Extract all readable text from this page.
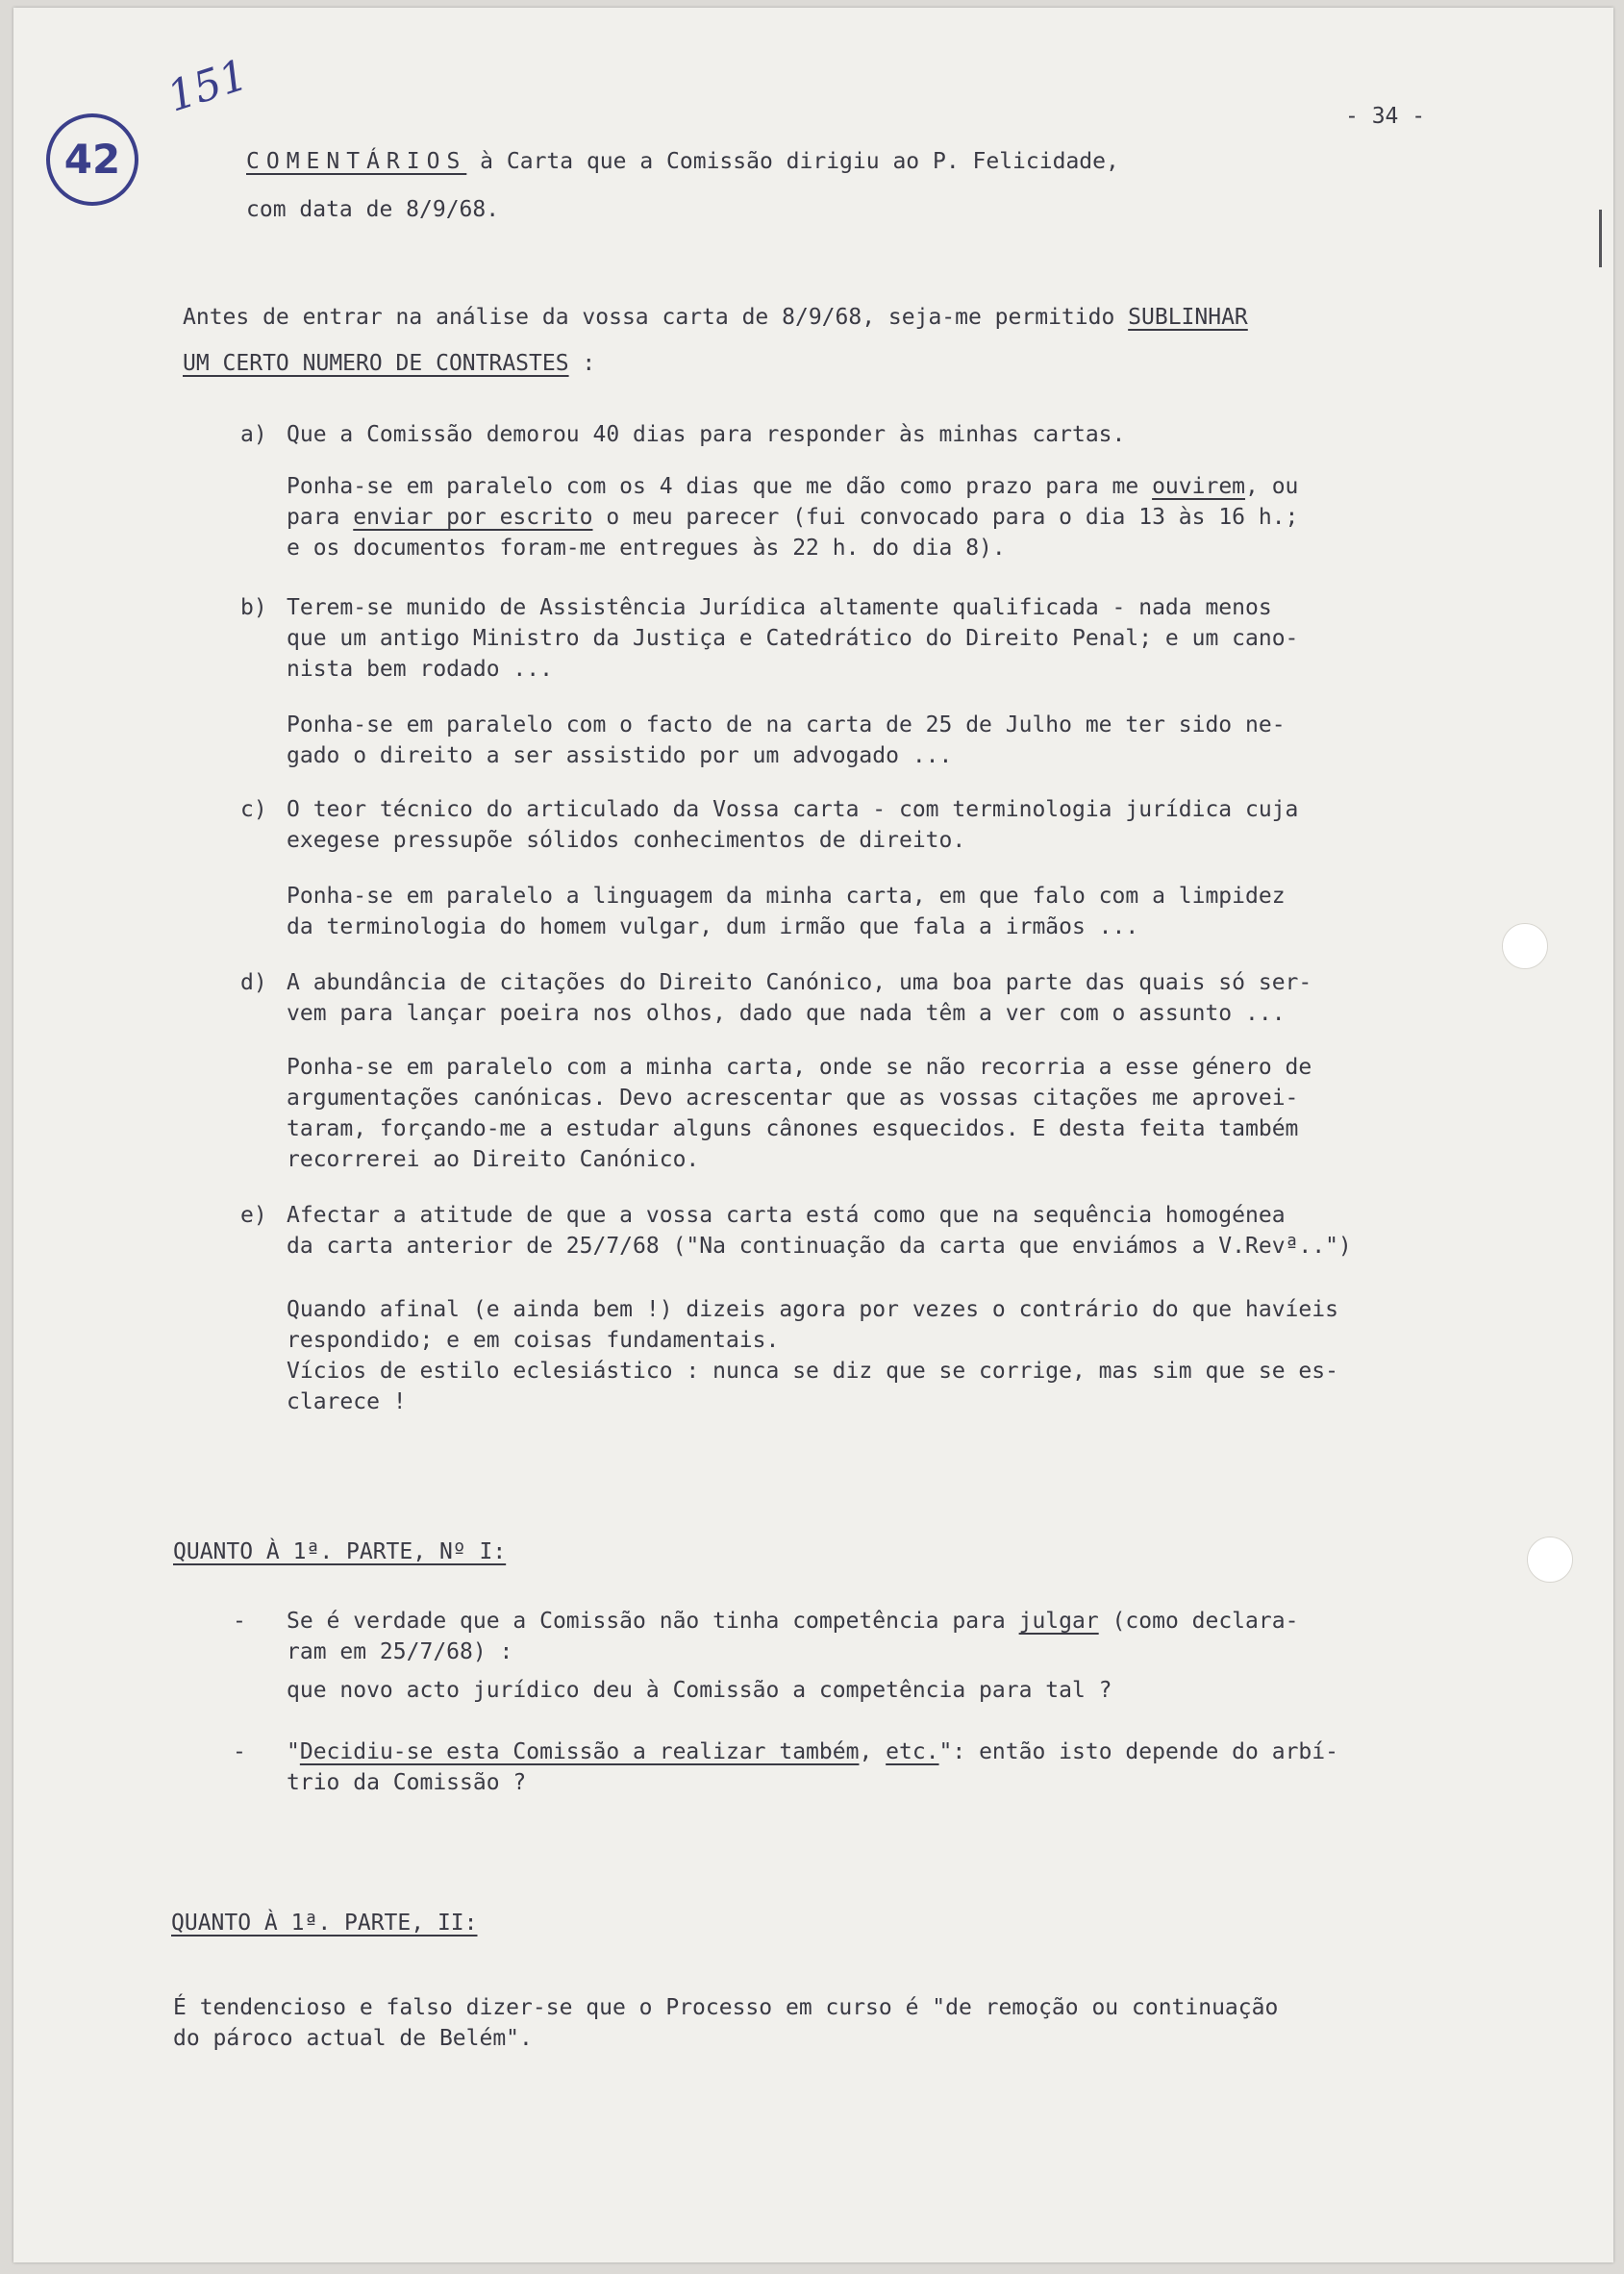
42
151	- 34 -
COMENTÁRIOS à Carta que a Comissão dirigiu ao P. Felicidade,
com data de 8/9/68.
Antes de entrar na análise da vossa carta de 8/9/68, seja-me permitido SUBLINHAR
UM CERTO NUMERO DE CONTRASTES :
a) Que a Comissão demorou 40 dias para responder às minhas cartas.
Ponha-se em paralelo com os 4 dias que me dão como prazo para me ouvirem, ou
para enviar por escrito o meu parecer (fui convocado para o dia 13 às 16 h.;
e os documentos foram-me entregues às 22 h. do dia 8).
b) Terem-se munido de Assistência Jurídica altamente qualificada - nada menos
que um antigo Ministro da Justiça e Catedrático do Direito Penal; e um cano-
nista bem rodado ...
Ponha-se em paralelo com o facto de na carta de 25 de Julho me ter sido ne-
gado o direito a ser assistido por um advogado ...
c) O teor técnico do articulado da Vossa carta - com terminologia jurídica cuja
exegese pressupõe sólidos conhecimentos de direito.
Ponha-se em paralelo a linguagem da minha carta, em que falo com a limpidez
da terminologia do homem vulgar, dum irmão que fala a irmãos ...
d) A abundância de citações do Direito Canónico, uma boa parte das quais só ser-
vem para lançar poeira nos olhos, dado que nada têm a ver com o assunto ...
Ponha-se em paralelo com a minha carta, onde se não recorria a esse género de
argumentações canónicas. Devo acrescentar que as vossas citações me aprovei-
taram, forçando-me a estudar alguns cânones esquecidos. E desta feita também
recorrerei ao Direito Canónico.
e) Afectar a atitude de que a vossa carta está como que na sequência homogénea
da carta anterior de 25/7/68 ("Na continuação da carta que enviámos a V.Revª..")
Quando afinal (e ainda bem !) dizeis agora por vezes o contrário do que havíeis
respondido; e em coisas fundamentais.
Vícios de estilo eclesiástico : nunca se diz que se corrige, mas sim que se es-
clarece !
QUANTO À 1ª. PARTE, Nº I:
- Se é verdade que a Comissão não tinha competência para julgar (como declara-
ram em 25/7/68) :
que novo acto jurídico deu à Comissão a competência para tal ?
- "Decidiu-se esta Comissão a realizar também, etc.": então isto depende do arbí-
trio da Comissão ?
QUANTO À 1ª. PARTE, II:
É tendencioso e falso dizer-se que o Processo em curso é "de remoção ou continuação
do pároco actual de Belém".
